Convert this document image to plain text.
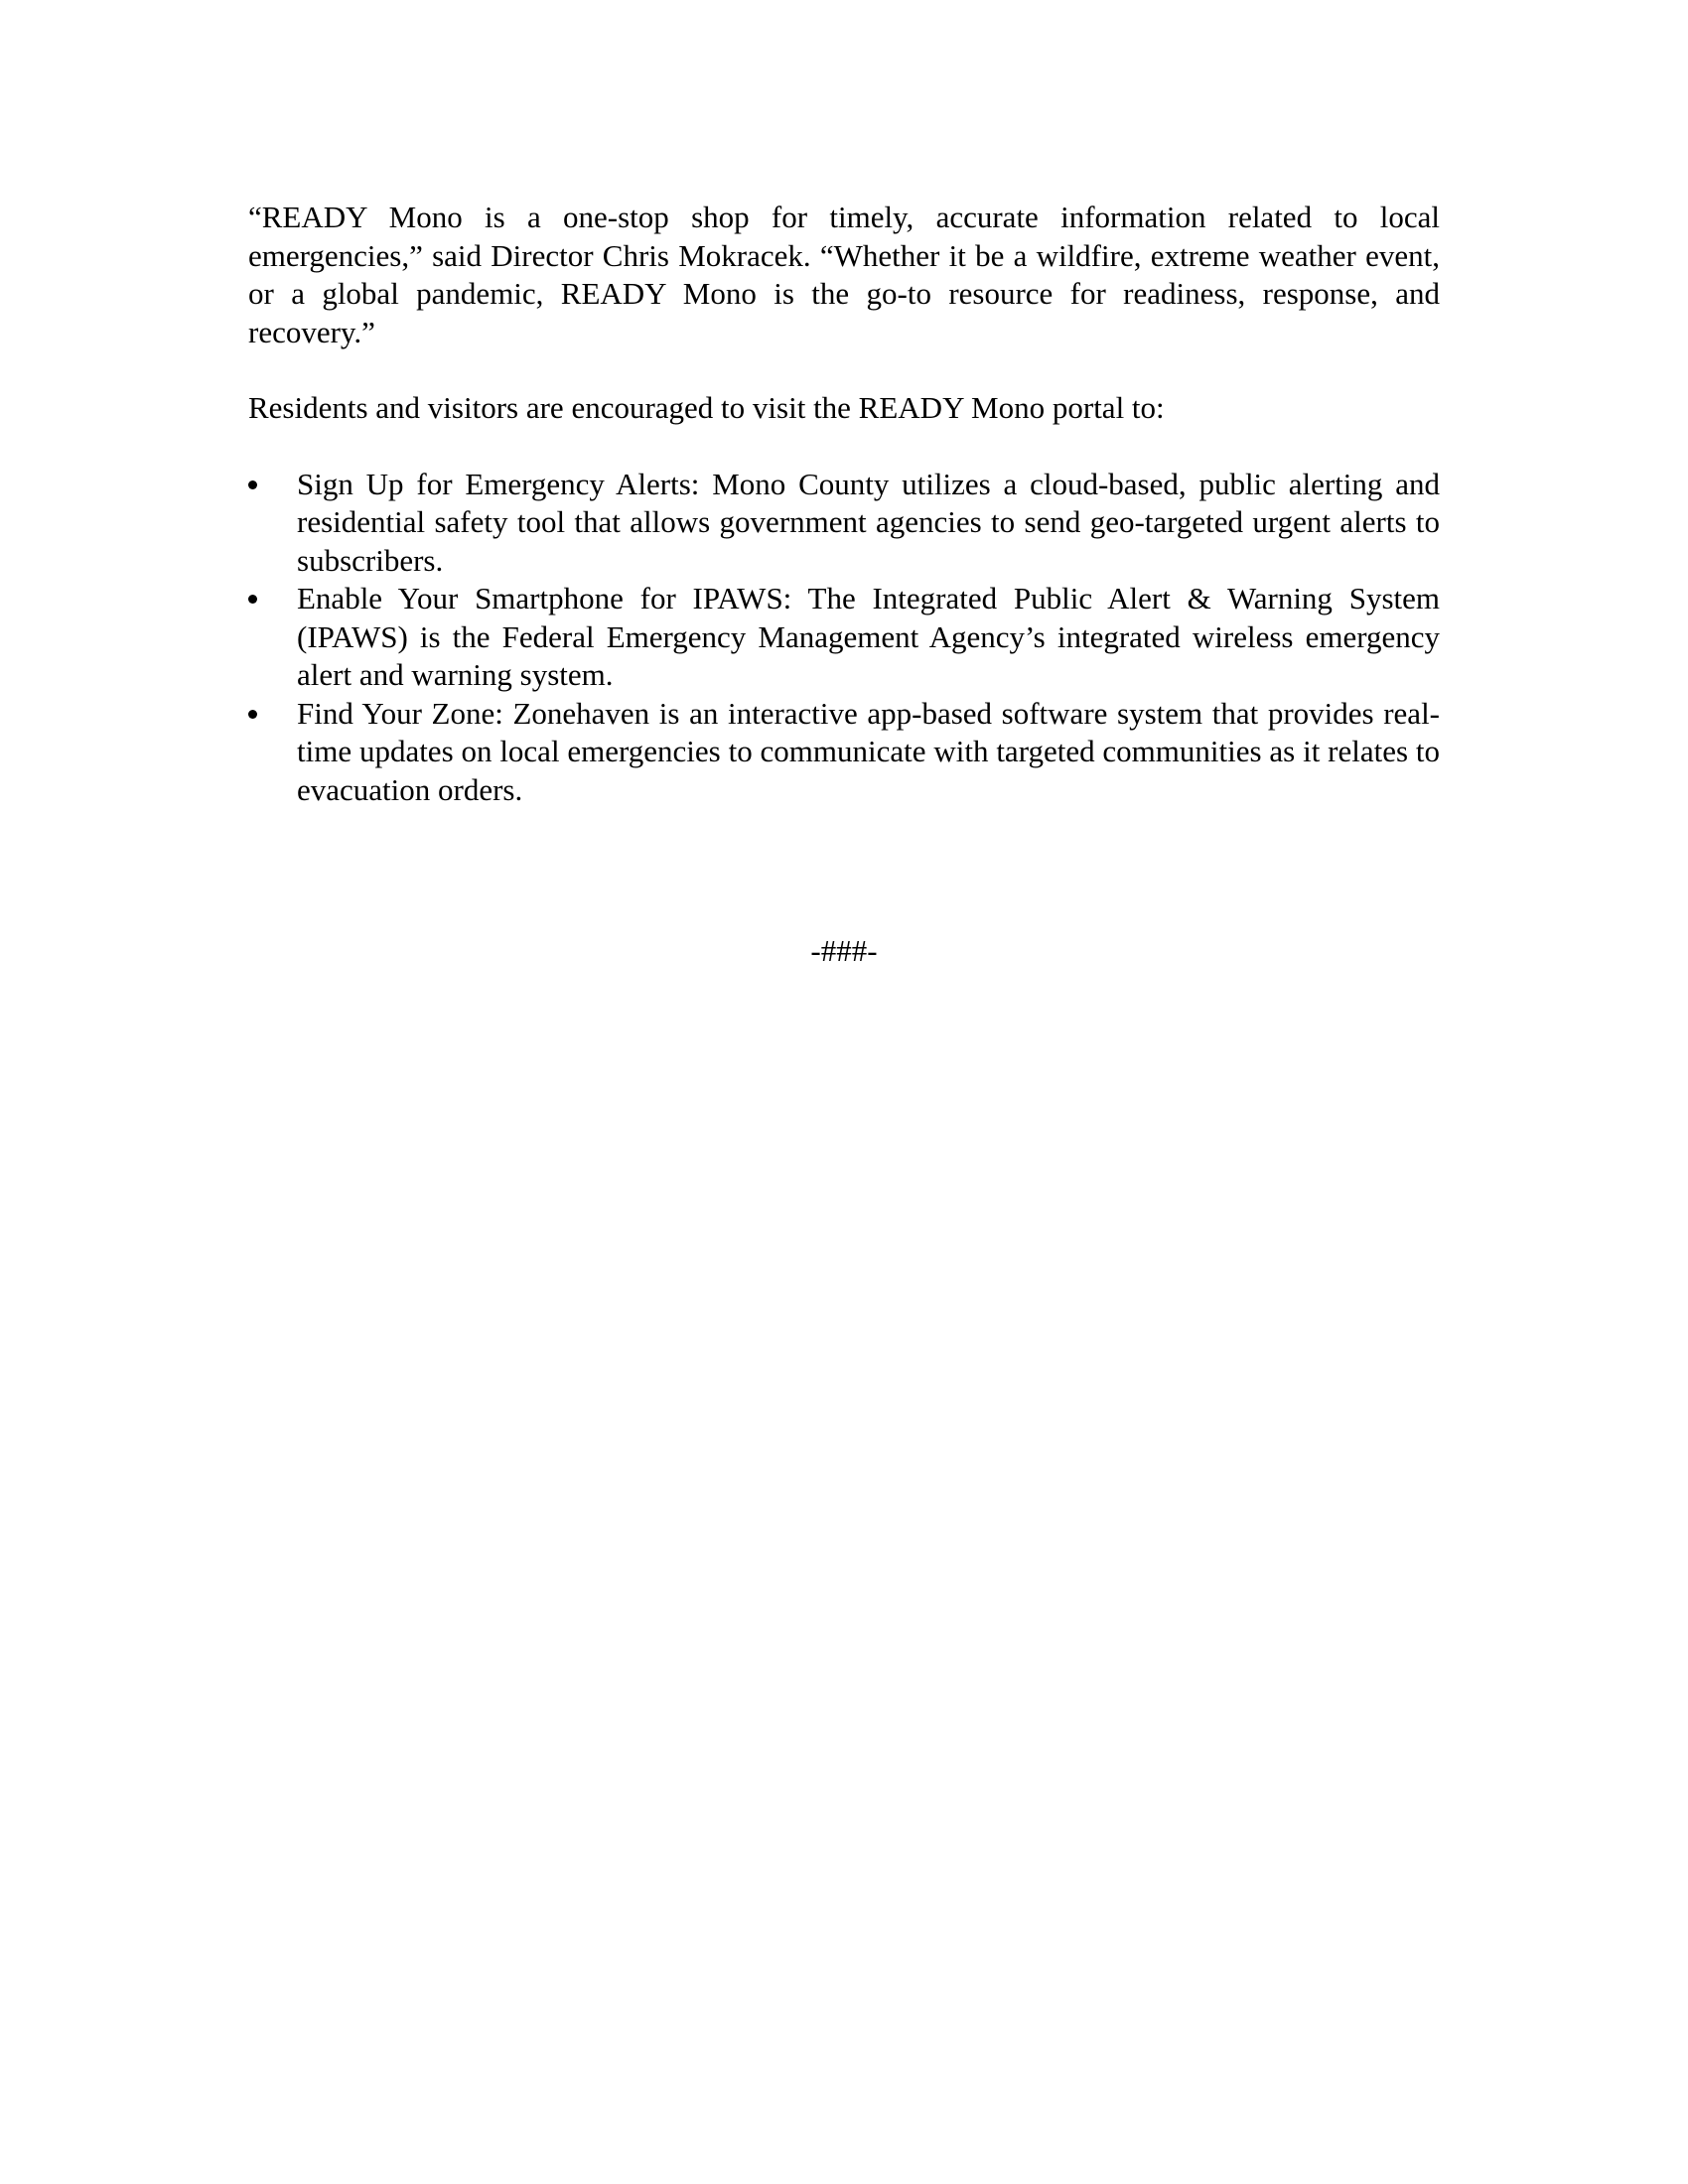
“READY Mono is a one-stop shop for timely, accurate information related to local emergencies,” said Director Chris Mokracek. “Whether it be a wildfire, extreme weather event, or a global pandemic, READY Mono is the go-to resource for readiness, response, and recovery.”

Residents and visitors are encouraged to visit the READY Mono portal to:

Sign Up for Emergency Alerts: Mono County utilizes a cloud-based, public alerting and residential safety tool that allows government agencies to send geo-targeted urgent alerts to subscribers.
Enable Your Smartphone for IPAWS: The Integrated Public Alert & Warning System (IPAWS) is the Federal Emergency Management Agency’s integrated wireless emergency alert and warning system.
Find Your Zone: Zonehaven is an interactive app-based software system that provides real-time updates on local emergencies to communicate with targeted communities as it relates to evacuation orders.
-###-
